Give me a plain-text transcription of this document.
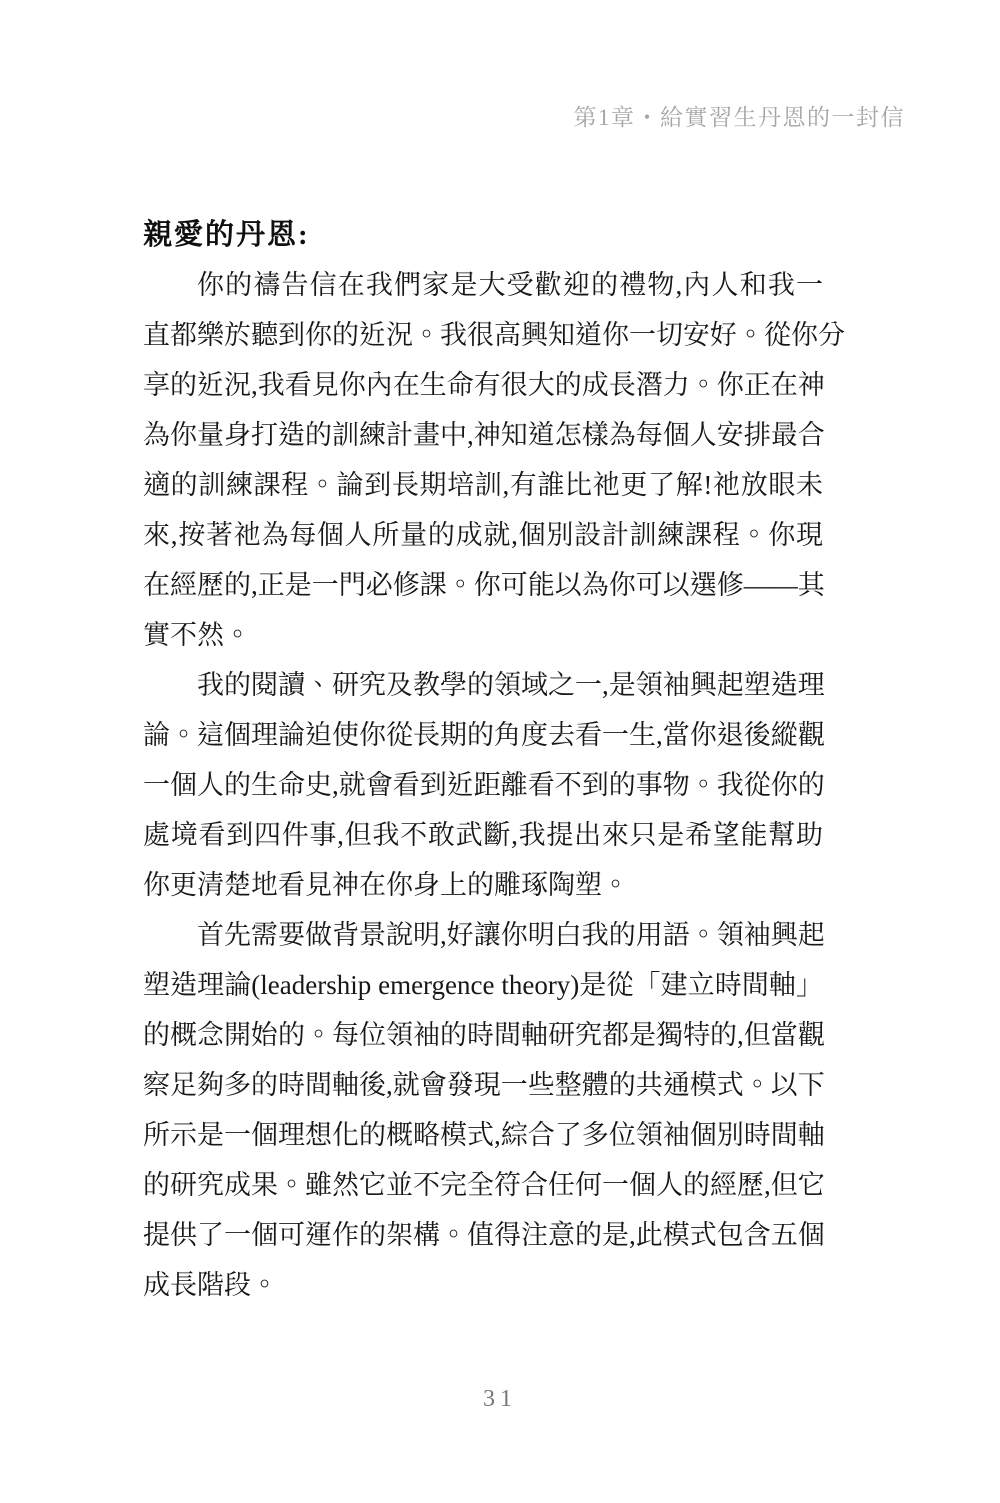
第1章・給實習生丹恩的一封信
親愛的丹恩:
你的禱告信在我們家是大受歡迎的禮物,內人和我一
直都樂於聽到你的近況。我很高興知道你一切安好。從你分
享的近況,我看見你內在生命有很大的成長潛力。你正在神
為你量身打造的訓練計畫中,神知道怎樣為每個人安排最合
適的訓練課程。論到長期培訓,有誰比祂更了解!祂放眼未
來,按著祂為每個人所量的成就,個別設計訓練課程。你現
在經歷的,正是一門必修課。你可能以為你可以選修——其
實不然。
我的閱讀、研究及教學的領域之一,是領袖興起塑造理
論。這個理論迫使你從長期的角度去看一生,當你退後縱觀
一個人的生命史,就會看到近距離看不到的事物。我從你的
處境看到四件事,但我不敢武斷,我提出來只是希望能幫助
你更清楚地看見神在你身上的雕琢陶塑。
首先需要做背景說明,好讓你明白我的用語。領袖興起
塑造理論(leadership emergence theory)是從「建立時間軸」
的概念開始的。每位領袖的時間軸研究都是獨特的,但當觀
察足夠多的時間軸後,就會發現一些整體的共通模式。以下
所示是一個理想化的概略模式,綜合了多位領袖個別時間軸
的研究成果。雖然它並不完全符合任何一個人的經歷,但它
提供了一個可運作的架構。值得注意的是,此模式包含五個
成長階段。
31
